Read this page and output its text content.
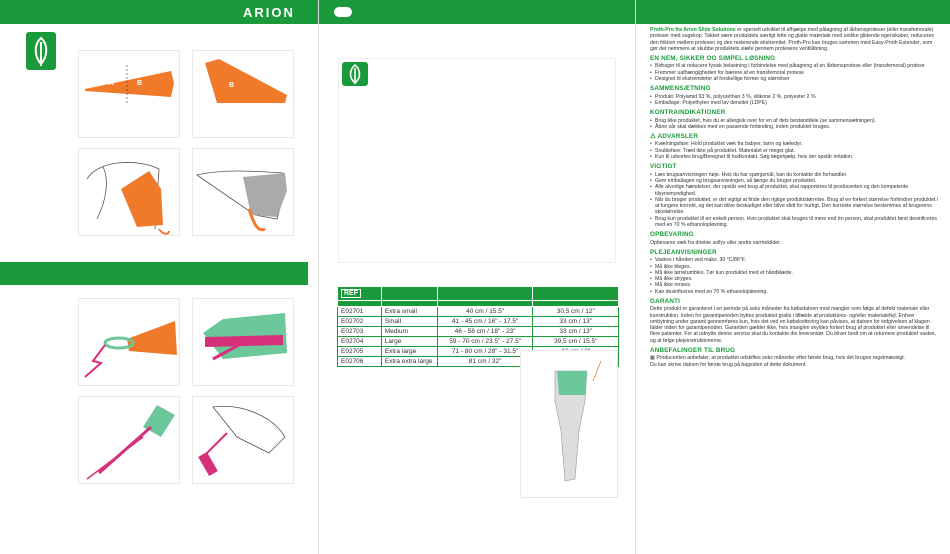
ARION
A	B	B
REF			

E02701	Extra small	40 cm / 15.5"	30,5 cm / 12"
E02702	Small	41 - 45 cm / 16" - 17.5"	33 cm / 13"
E02703	Medium	46 - 58 cm / 18" - 23"	33 cm / 13"
E02704	Large	59 - 70 cm / 23.5" - 27.5"	39,5 cm / 15.5"
E02705	Extra large	71 - 80 cm / 28" - 31.5"	
E02706	Extra extra large	81 cm / 32"	

Proth-Pro fra Arion Slide Solutions er specielt udviklet til afhjælpe med påtagning af lårbensproteser (eller transfemorale) proteser med sugekop. Takket være produktets særligt lette og glatte materiale med unikke glidende egenskaber, reduceres den friktion mellem protesen og den resterende ekstremitet. Proth-Pro kan bruges sammen med Easy-Proth Extender, som gør det nemmere at skubbe produktets slæfe gennem protesens ventilåbning.

EN NEM, SIKKER OG SIMPEL LØSNING
• Bidrager til at reducere fysisk belastning i forbindelse med påtagning af en lårbensprotese eller (transfemoral) protese
• Fremmer uafhængigheden for bærere af en transfemoral protese
• Designet til ekstremiteter af forskellige former og størrelser
SAMMENSÆTNING
• Produkt: Polyamid 93 %, polyurethan 3 %, silikone 2 %, polyester 2 %
• Emballage: Polyethylen med lav densitet (LDPE)
KONTRAINDIKATIONER
• Brug ikke produktet, hvis du er allergisk over for en af dets bestanddele (se sammensætningen).
• Åbne sår skal dækkes med en passende forbinding, inden produktet bruges.
⚠ ADVARSLER
• Kvælningsfare: Hold produktet væk fra babyer, børn og kæledyr.
• Snublefare: Træd ikke på produktet. Materialet er meget glat.
• Kun til udvortes brug/Beregnet til hudkontakt. Søg lægehjælp, hvis der opstår irritation.
VIGTIGT
• Læs brugsanvisningen nøje. Hvis du har spørgsmål, kan du kontakte din forhandler.
• Gem emballagen og brugsanvisningen, så længe du bruger produktet.
• Alle alvorlige hændelser, der opstår ved brug af produktet, skal rapporteres til producenten og den kompetente tilsynsmyndighed.
• Når du bruger produktet, er det vigtigt at finde den rigtige produktstørrelse. Brug af en forkert størrelse forhindrer produktet i at fungere korrekt, og det kan blive beskadiget eller blive slidt for hurtigt. Den korrekte størrelse bestemmes af brugerens skostørrelse.
• Brug kun produktet til en enkelt person. Hvis produktet skal bruges til mere end én person, skal produktet først desinficeres med en 70 % ethanolopløsning.
OPBEVARING

Opbevares væk fra direkte sollys eller andre varmekilder.

PLEJEANVISNINGER
• Vaskes i hånden ved maks. 30 °C/86°F.
• Må ikke bleges.
• Må ikke tørretumbles. Tør kun produktet med et håndklæde.
• Må ikke stryges.
• Må ikke renses.
• Kan desinficeres med en 70 % ethanolopløsning.
GARANTI

Dette produkt er garanteret i en periode på seks måneder fra købsdatoen mod mangler som følge af defekt materiale eller konstruktion. Inden for garantiperioden byttes produktet gratis i tilfælde af produktions- og/eller materialefejl. Enhver ombytning under garanti gennemføres kun, hvis det ved en købskvittering kan påvises, at datoen for indgivelsen af klagen falder inden for garantiperioden. Garantien gælder ikke, hvis manglen skyldes forkert brug af produktet eller anvendelse til flere patienter. For at udnytte denne service skal du kontakte din leverandør. Du bliver bedt om at returnere produktet vasket, og at følge plejeinstruktionerne.

ANBEFALINGER TIL BRUG

▦ Producenten anbefaler, at produktet udskiftes seks måneder efter første brug, hvis det bruges regelmæssigt.

Du kan skrive datoen for første brug på bagsiden af dette dokument.
